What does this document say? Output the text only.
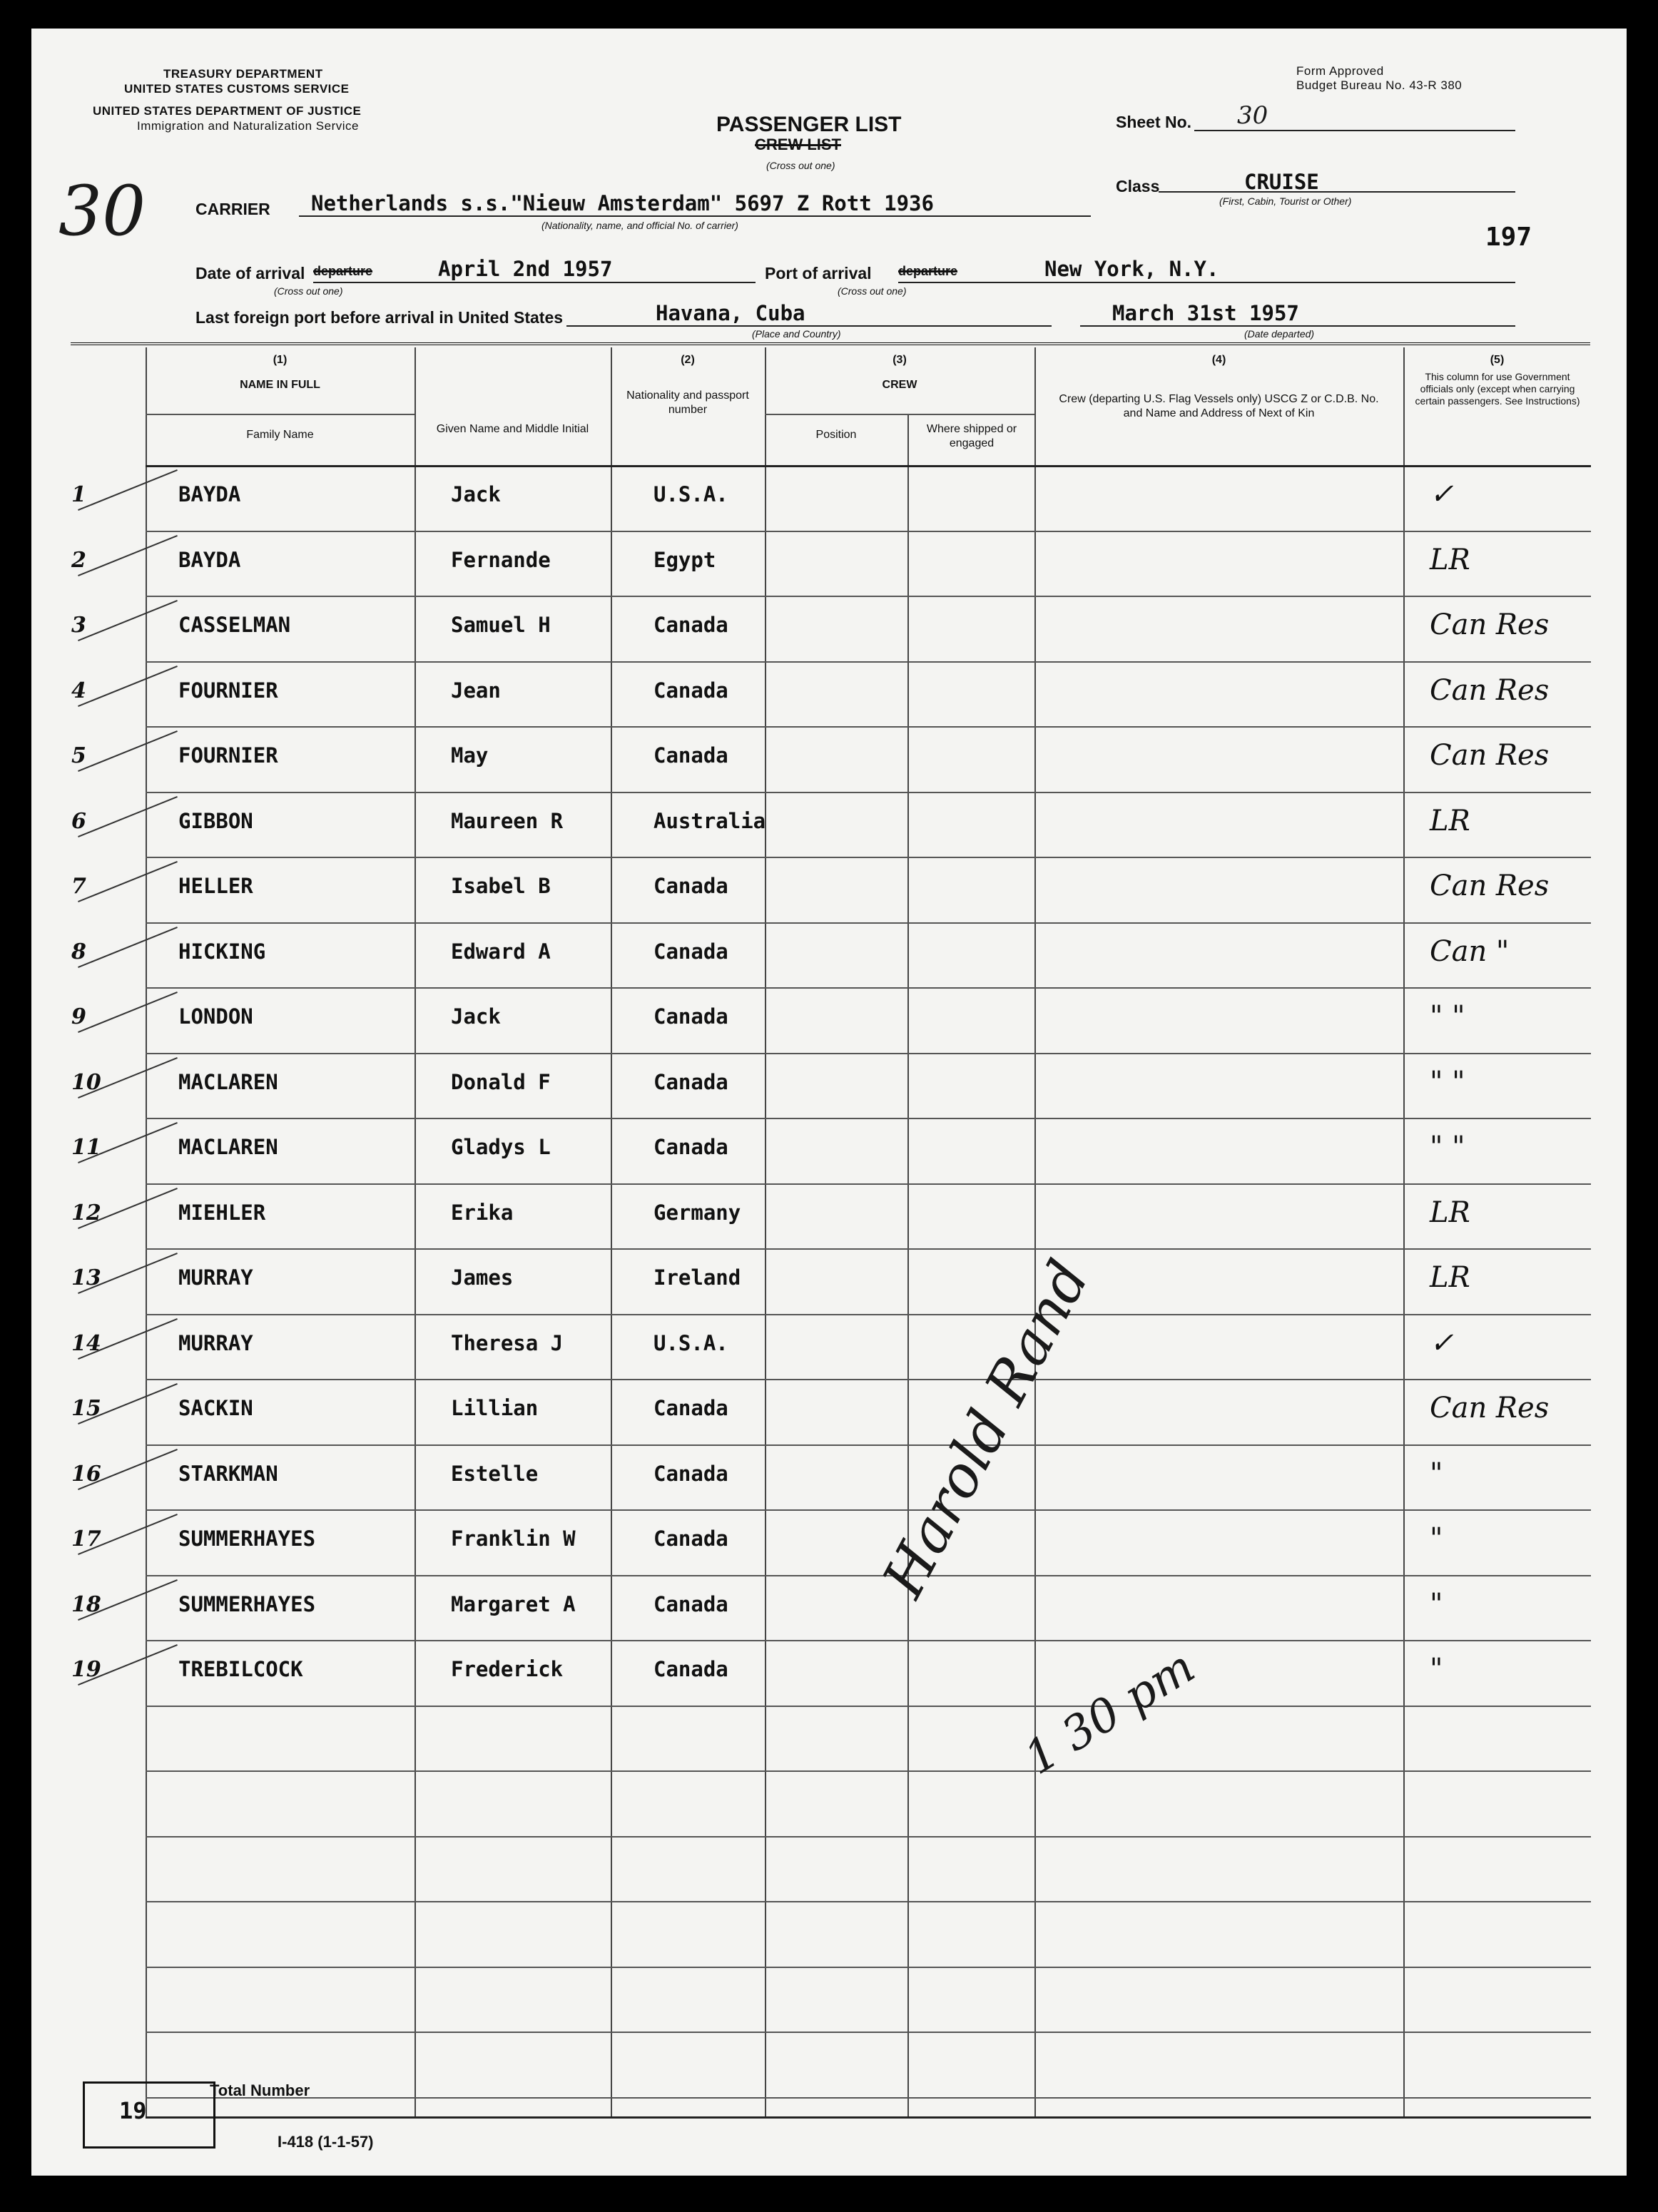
TREASURY DEPARTMENT
UNITED STATES CUSTOMS SERVICE
UNITED STATES DEPARTMENT OF JUSTICE
Immigration and Naturalization Service
30
PASSENGER LIST
CREW LIST
(Cross out one)
Form Approved
Budget Bureau No. 43-R 380
Sheet No. 30
Class	CRUISE
(First, Cabin, Tourist or Other)
197
CARRIER Netherlands s.s."Nieuw Amsterdam" 5697 Z Rott 1936
(Nationality, name, and official No. of carrier)
Date of arrival departure	April 2nd 1957
(Cross out one)
Port of arrival departure	New York, N.Y.
(Cross out one)
Last foreign port before arrival in United States	Havana, Cuba
(Place and Country)
March 31st 1957
(Date departed)
(1)
NAME IN FULL
Family Name	Given Name and Middle Initial
(2)
Nationality and passport number
(3)
CREW
Position	Where shipped or engaged
(4)
Crew (departing U.S. Flag Vessels only) USCG Z or C.D.B. No. and Name and Address of Next of Kin
(5)
This column for use Government officials only (except when carrying certain passengers. See Instructions)
1	BAYDA	Jack	U.S.A.	✓
2	BAYDA	Fernande	Egypt	LR
3	CASSELMAN	Samuel H	Canada	Can Res
4	FOURNIER	Jean	Canada	Can Res
5	FOURNIER	May	Canada	Can Res
6	GIBBON	Maureen R	Australia	LR
7	HELLER	Isabel B	Canada	Can Res
8	HICKING	Edward A	Canada	Can "
9	LONDON	Jack	Canada	" "
10	MACLAREN	Donald F	Canada	" "
11	MACLAREN	Gladys L	Canada	" "
12	MIEHLER	Erika	Germany	LR
13	MURRAY	James	Ireland	LR
14	MURRAY	Theresa J	U.S.A.	✓
15	SACKIN	Lillian	Canada	Can Res
16	STARKMAN	Estelle	Canada	"
17	SUMMERHAYES	Franklin W	Canada	"
18	SUMMERHAYES	Margaret A	Canada	"
19	TREBILCOCK	Frederick	Canada	"
Harold Rand
1 30 pm
19
Total Number
I-418 (1-1-57)
